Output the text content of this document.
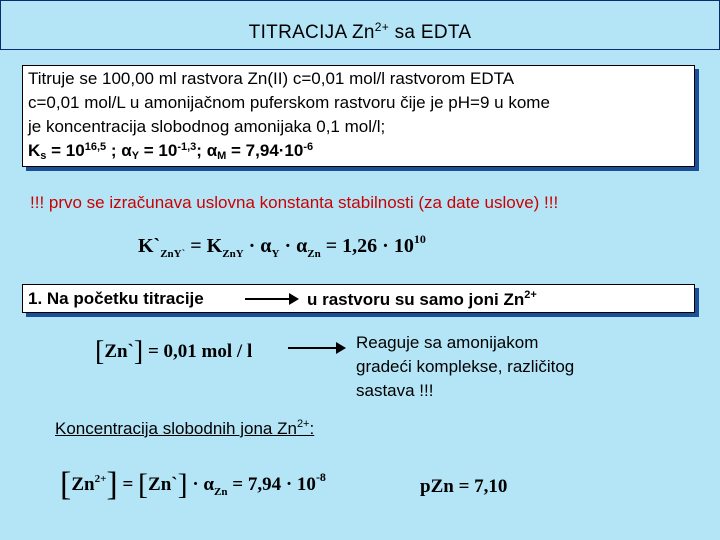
TITRACIJA $Zn^{2+}$ sa EDTA
Titruje se 100,00 ml rastvora Zn(II) c=0,01 mol/l rastvorom EDTA
c=0,01 mol/L u amonijačnom puferskom rastvoru čije je pH=9 u kome
je koncentracija slobodnog amonijaka 0,1 mol/l;
$K_s = 10^{16,5}$ ; $\alpha_Y = 10^{-1,3}$; $\alpha_M = 7,94\cdot 10^{-6}$
!!! prvo se izračunava uslovna konstanta stabilnosti (za date uslove) !!!
$K`_{ZnY`} = K_{ZnY} \cdot \alpha_Y \cdot \alpha_{Zn} = 1,26 \cdot 10^{10}$
1. Na početku titracije	u rastvoru su samo joni $Zn^{2+}$
[Zn`] = 0,01 mol / l	Reaguje sa amonijakom
gradeći komplekse, različitog
sastava !!!
Koncentracija slobodnih jona $Zn^{2+}$:
$[Zn^{2+}]$ = [Zn`] · $\alpha_{Zn} = 7,94 \cdot 10^{-8}$	pZn = 7,10
